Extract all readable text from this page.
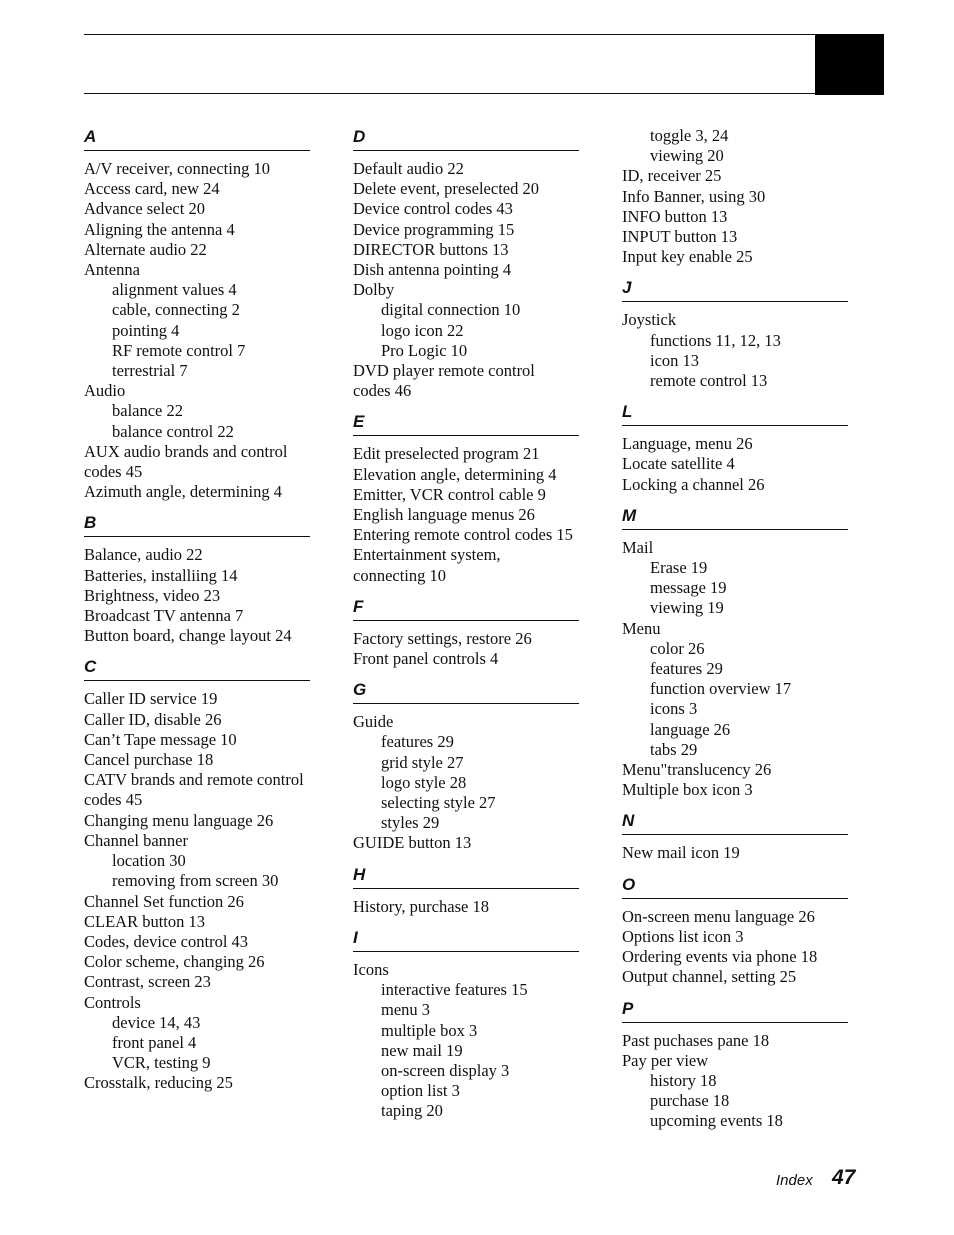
A
A/V receiver, connecting 10
Access card, new 24
Advance select 20
Aligning the antenna 4
Alternate audio 22
Antenna
alignment values 4
cable, connecting 2
pointing 4
RF remote control 7
terrestrial 7
Audio
balance 22
balance control 22
AUX audio brands and control
codes 45
Azimuth angle, determining 4
B
Balance, audio 22
Batteries, installiing 14
Brightness, video 23
Broadcast TV antenna 7
Button board, change layout 24
C
Caller ID service 19
Caller ID, disable 26
Can’t Tape message 10
Cancel purchase 18
CATV brands and remote control
codes 45
Changing menu language 26
Channel banner
location 30
removing from screen 30
Channel Set function 26
CLEAR button 13
Codes, device control 43
Color scheme, changing 26
Contrast, screen 23
Controls
device 14, 43
front panel 4
VCR, testing 9
Crosstalk, reducing 25
D
Default audio 22
Delete event, preselected 20
Device control codes 43
Device programming 15
DIRECTOR buttons 13
Dish antenna pointing 4
Dolby
digital connection 10
logo icon 22
Pro Logic 10
DVD player remote control
codes 46
E
Edit preselected program 21
Elevation angle, determining 4
Emitter, VCR control cable 9
English language menus 26
Entering remote control codes 15
Entertainment system,
connecting 10
F
Factory settings, restore 26
Front panel controls 4
G
Guide
features 29
grid style 27
logo style 28
selecting style 27
styles 29
GUIDE button 13
H
History, purchase 18
I
Icons
interactive features 15
menu 3
multiple box 3
new mail 19
on-screen display 3
option list 3
taping 20
toggle 3, 24
viewing 20
ID, receiver 25
Info Banner, using 30
INFO button 13
INPUT button 13
Input key enable 25
J
Joystick
functions 11, 12, 13
icon 13
remote control 13
L
Language, menu 26
Locate satellite 4
Locking a channel 26
M
Mail
Erase 19
message 19
viewing 19
Menu
color 26
features 29
function overview 17
icons 3
language 26
tabs 29
Menu"translucency 26
Multiple box icon 3
N
New mail icon 19
O
On-screen menu language 26
Options list icon 3
Ordering events via phone 18
Output channel, setting 25
P
Past puchases pane 18
Pay per view
history 18
purchase 18
upcoming events 18
Index 47
